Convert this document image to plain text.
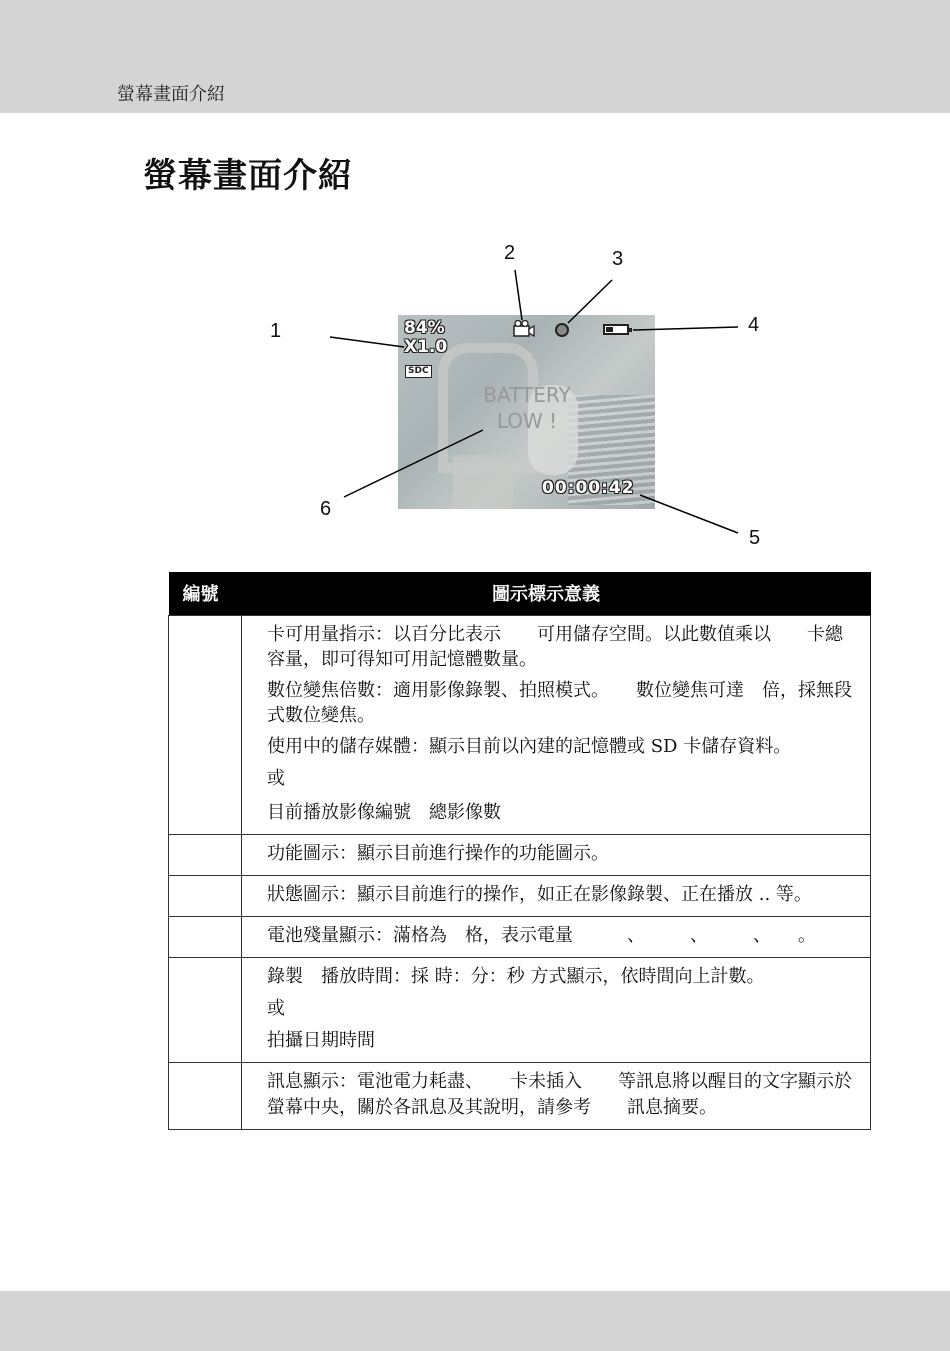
螢幕畫面介紹
螢幕畫面介紹
84%
X1.0
SDC
BATTERY LOW !
00:00:42
1
2	3
4
5
6
編號	圖示標示意義

	卡可用量指示：以百分比表示　　可用儲存空間。以此數值乘以　　卡總容量，即可得知可用記憶體數量。
數位變焦倍數：適用影像錄製、拍照模式。　　數位變焦可達　倍，採無段式數位變焦。
使用中的儲存媒體：顯示目前以內建的記憶體或 SD 卡儲存資料。
或
目前播放影像編號　總影像數

	功能圖示：顯示目前進行操作的功能圖示。

	狀態圖示：顯示目前進行的操作，如正在影像錄製、正在播放 .. 等。

	電池殘量顯示：滿格為　格，表示電量　　　、　　　、　　　、　　。

	錄製　播放時間：採 時：分：秒 方式顯示，依時間向上計數。
或
拍攝日期時間

	訊息顯示：電池電力耗盡、　　卡未插入　　等訊息將以醒目的文字顯示於螢幕中央，關於各訊息及其說明，請參考　　訊息摘要。
